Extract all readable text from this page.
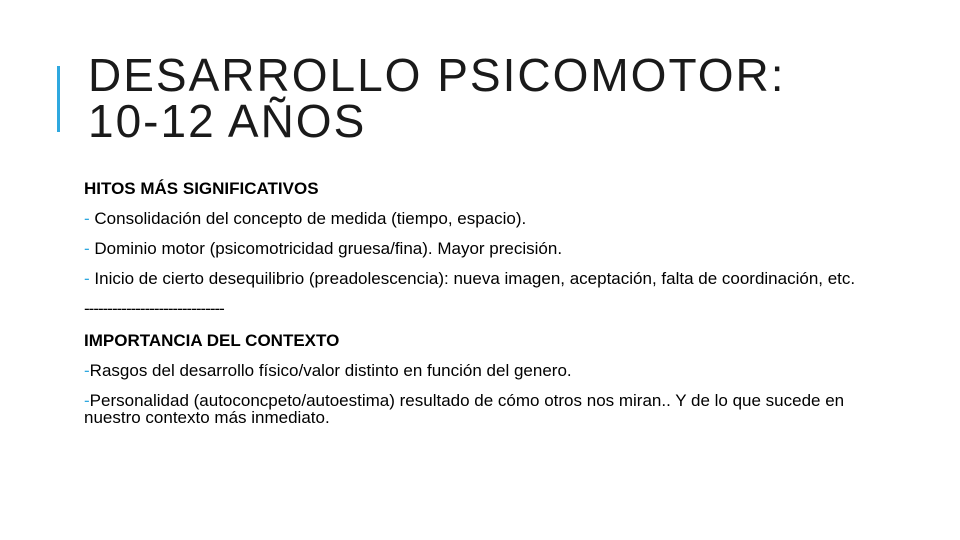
DESARROLLO PSICOMOTOR:
10-12 AÑOS

HITOS MÁS SIGNIFICATIVOS

- Consolidación del concepto de medida (tiempo, espacio).

- Dominio motor (psicomotricidad gruesa/fina). Mayor precisión.

- Inicio de cierto desequilibrio (preadolescencia): nueva imagen, aceptación, falta de coordinación, etc.

------------------------------

IMPORTANCIA DEL CONTEXTO

-Rasgos del desarrollo físico/valor distinto en función del genero.

-Personalidad (autoconcpeto/autoestima) resultado de cómo otros nos miran.. Y de lo que sucede en nuestro contexto más inmediato.
